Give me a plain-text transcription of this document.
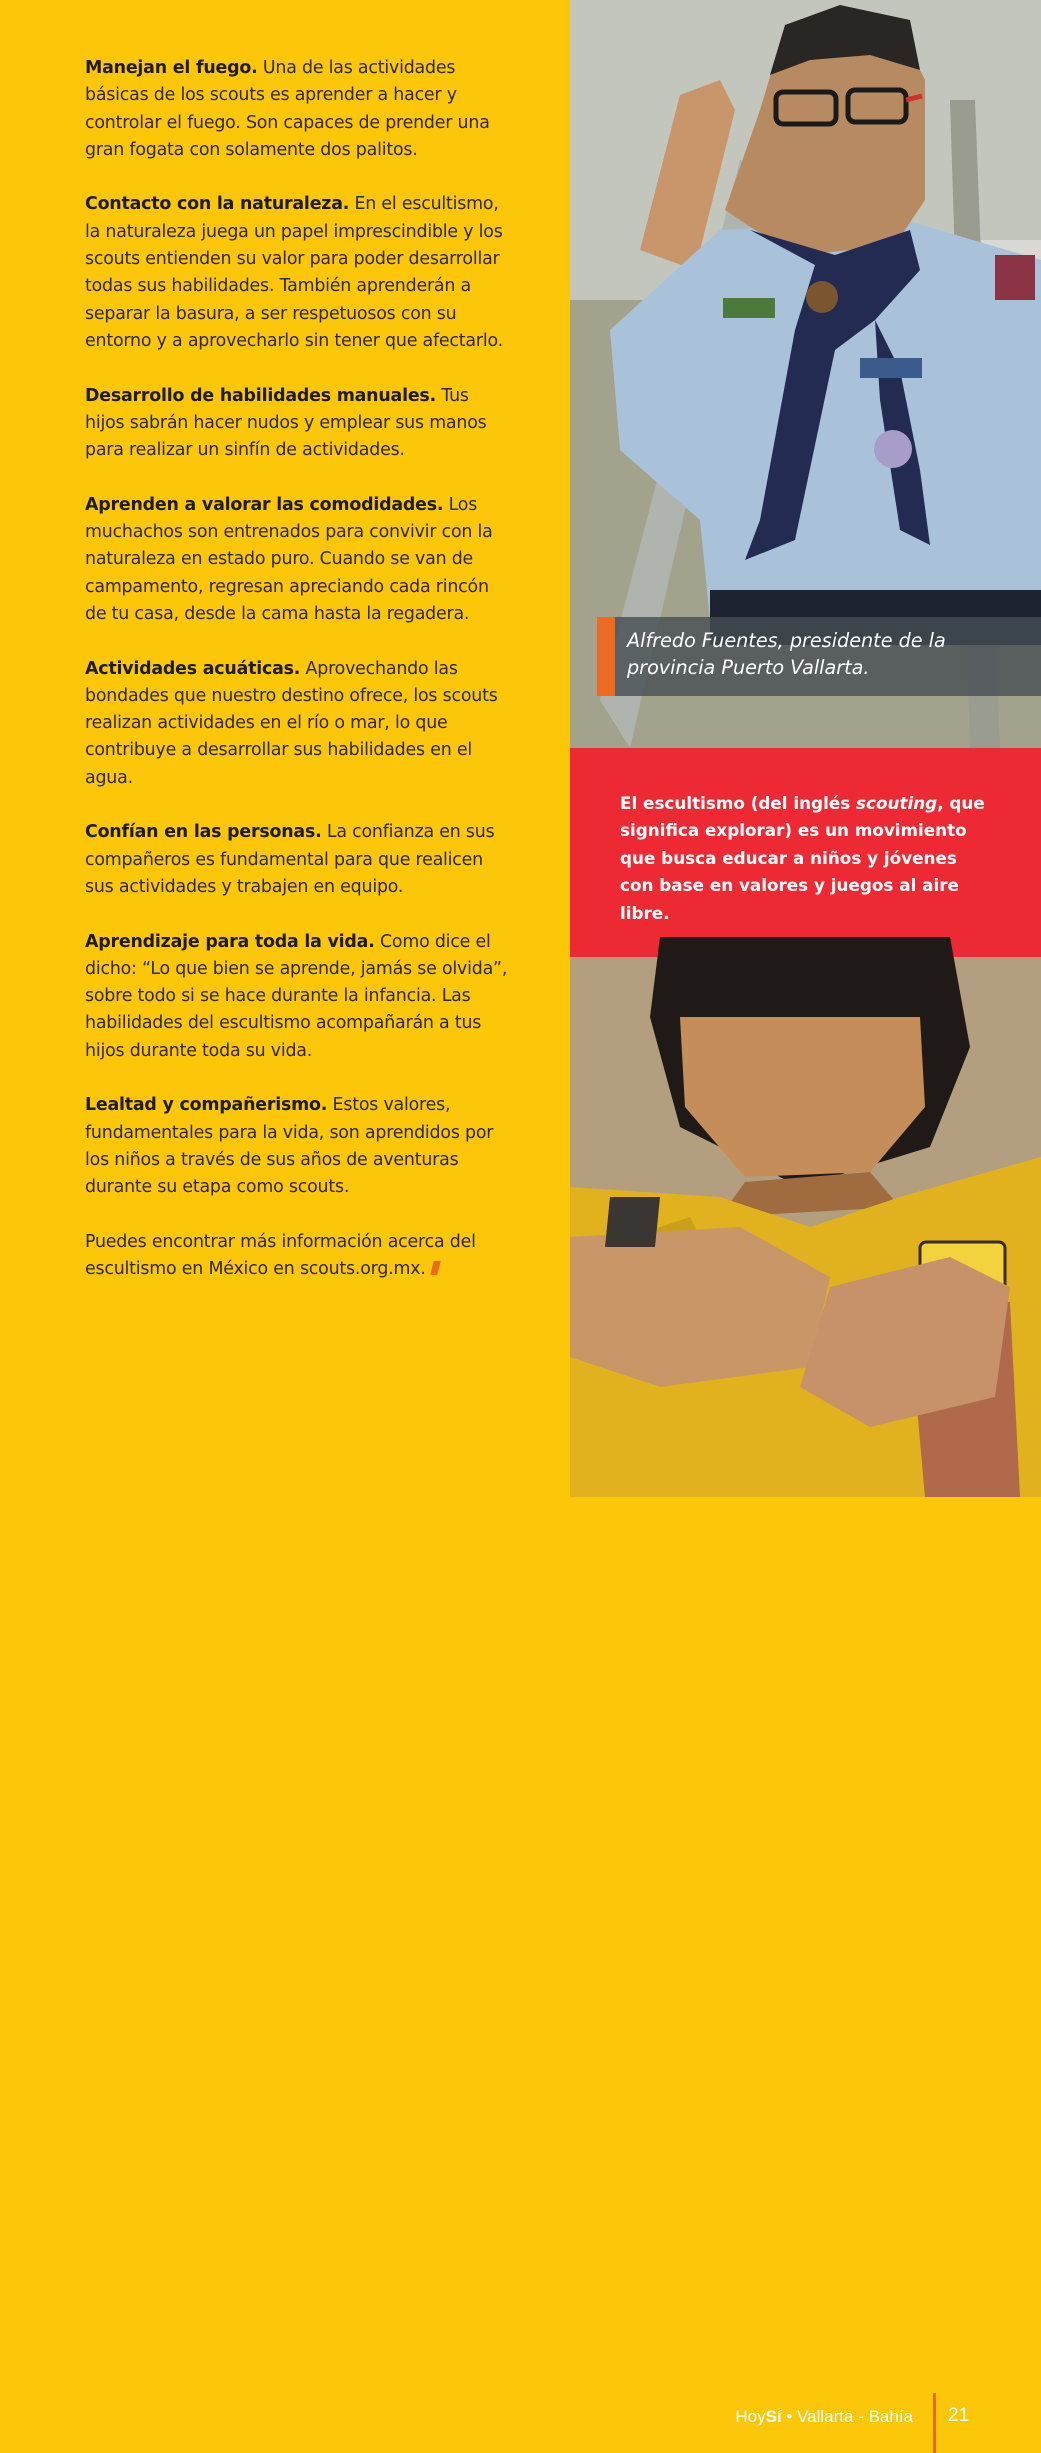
Manejan el fuego. Una de las actividades básicas de los scouts es aprender a hacer y controlar el fuego. Son capaces de prender una gran fogata con solamente dos palitos.

Contacto con la naturaleza. En el escultismo, la naturaleza juega un papel imprescindible y los scouts entienden su valor para poder desarrollar todas sus habilidades. También aprenderán a separar la basura, a ser respetuosos con su entorno y a aprovecharlo sin tener que afectarlo.

Desarrollo de habilidades manuales. Tus hijos sabrán hacer nudos y emplear sus manos para realizar un sinfín de actividades.

Aprenden a valorar las comodidades. Los muchachos son entrenados para convivir con la naturaleza en estado puro. Cuando se van de campamento, regresan apreciando cada rincón de tu casa, desde la cama hasta la regadera.

Actividades acuáticas. Aprovechando las bondades que nuestro destino ofrece, los scouts realizan actividades en el río o mar, lo que contribuye a desarrollar sus habilidades en el agua.

Confían en las personas. La confianza en sus compañeros es fundamental para que realicen sus actividades y trabajen en equipo.

Aprendizaje para toda la vida. Como dice el dicho: “Lo que bien se aprende, jamás se olvida”, sobre todo si se hace durante la infancia. Las habilidades del escultismo acompañarán a tus hijos durante toda su vida.

Lealtad y compañerismo. Estos valores, fundamentales para la vida, son aprendidos por los niños a través de sus años de aventuras durante su etapa como scouts.

Puedes encontrar más información acerca del escultismo en México en scouts.org.mx.

Alfredo Fuentes, presidente de la provincia Puerto Vallarta.
El escultismo (del inglés scouting, que significa explorar) es un movimiento que busca educar a niños y jóvenes con base en valores y juegos al aire libre.
HoySí • Vallarta - Bahía 21
